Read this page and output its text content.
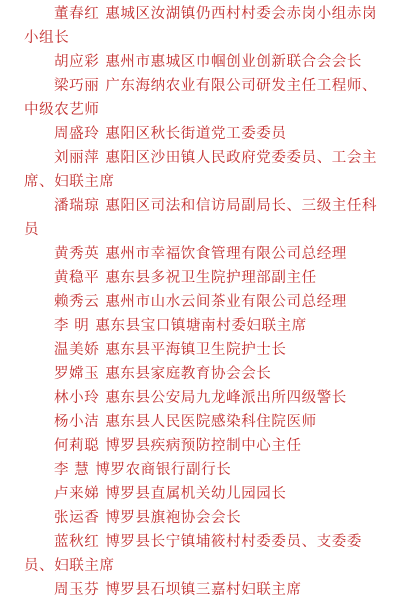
董春红 惠城区汝湖镇仍西村村委会赤岗小组赤岗小组长

胡应彩 惠州市惠城区巾帼创业创新联合会会长

梁巧丽 广东海纳农业有限公司研发主任工程师、中级农艺师

周盛玲 惠阳区秋长街道党工委委员

刘丽萍 惠阳区沙田镇人民政府党委委员、工会主席、妇联主席

潘瑞琼 惠阳区司法和信访局副局长、三级主任科员

黄秀英 惠州市幸福饮食管理有限公司总经理

黄稳平 惠东县多祝卫生院护理部副主任

赖秀云 惠州市山水云间茶业有限公司总经理

李 明 惠东县宝口镇塘南村委妇联主席

温美娇 惠东县平海镇卫生院护士长

罗嫦玉 惠东县家庭教育协会会长

林小玲 惠东县公安局九龙峰派出所四级警长

杨小洁 惠东县人民医院感染科住院医师

何莉聪 博罗县疾病预防控制中心主任

李 慧 博罗农商银行副行长

卢来娣 博罗县直属机关幼儿园园长

张运香 博罗县旗袍协会会长

蓝秋红 博罗县长宁镇埔筱村村委委员、支委委员、妇联主席

周玉芬 博罗县石坝镇三嘉村妇联主席
